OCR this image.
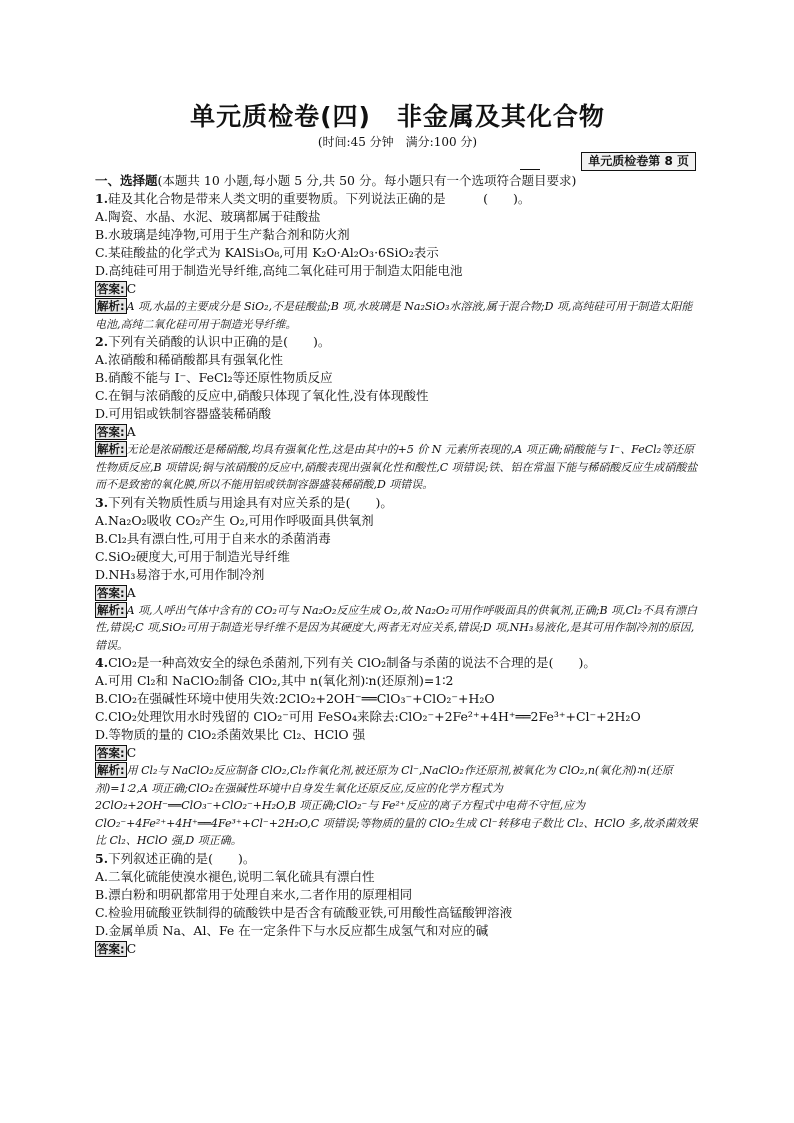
单元质检卷(四)　非金属及其化合物

(时间:45 分钟　满分:100 分)

单元质检卷第 8 页

一、选择题(本题共 10 小题,每小题 5 分,共 50 分。每小题只有一个选项符合题目要求)

1.硅及其化合物是带来人类文明的重要物质。下列说法正确的是　　　(　　)。

A.陶瓷、水晶、水泥、玻璃都属于硅酸盐

B.水玻璃是纯净物,可用于生产黏合剂和防火剂

C.某硅酸盐的化学式为 KAlSi₃O₈,可用 K₂O·Al₂O₃·6SiO₂表示

D.高纯硅可用于制造光导纤维,高纯二氧化硅可用于制造太阳能电池

答案: C

解析: A 项,水晶的主要成分是 SiO₂,不是硅酸盐;B 项,水玻璃是 Na₂SiO₃水溶液,属于混合物;D 项,高纯硅可用于制造太阳能电池,高纯二氧化硅可用于制造光导纤维。

2.下列有关硝酸的认识中正确的是(　　)。

A.浓硝酸和稀硝酸都具有强氧化性

B.硝酸不能与 I⁻、FeCl₂等还原性物质反应

C.在铜与浓硝酸的反应中,硝酸只体现了氧化性,没有体现酸性

D.可用铝或铁制容器盛装稀硝酸

答案: A

解析: 无论是浓硝酸还是稀硝酸,均具有强氧化性,这是由其中的+5 价 N 元素所表现的,A 项正确;硝酸能与 I⁻、FeCl₂等还原性物质反应,B 项错误;铜与浓硝酸的反应中,硝酸表现出强氧化性和酸性,C 项错误;铁、铝在常温下能与稀硝酸反应生成硝酸盐而不是致密的氧化膜,所以不能用铝或铁制容器盛装稀硝酸,D 项错误。

3.下列有关物质性质与用途具有对应关系的是(　　)。

A.Na₂O₂吸收 CO₂产生 O₂,可用作呼吸面具供氧剂

B.Cl₂具有漂白性,可用于自来水的杀菌消毒

C.SiO₂硬度大,可用于制造光导纤维

D.NH₃易溶于水,可用作制冷剂

答案: A

解析: A 项,人呼出气体中含有的 CO₂可与 Na₂O₂反应生成 O₂,故 Na₂O₂可用作呼吸面具的供氧剂,正确;B 项,Cl₂不具有漂白性,错误;C 项,SiO₂可用于制造光导纤维不是因为其硬度大,两者无对应关系,错误;D 项,NH₃易液化,是其可用作制冷剂的原因,错误。

4.ClO₂是一种高效安全的绿色杀菌剂,下列有关 ClO₂制备与杀菌的说法不合理的是(　　)。

A.可用 Cl₂和 NaClO₂制备 ClO₂,其中 n(氧化剂)∶n(还原剂)=1∶2

B.ClO₂在强碱性环境中使用失效:2ClO₂+2OH⁻══ClO₃⁻+ClO₂⁻+H₂O

C.ClO₂处理饮用水时残留的 ClO₂⁻可用 FeSO₄来除去:ClO₂⁻+2Fe²⁺+4H⁺══2Fe³⁺+Cl⁻+2H₂O

D.等物质的量的 ClO₂杀菌效果比 Cl₂、HClO 强

答案: C

解析: 用 Cl₂与 NaClO₂反应制备 ClO₂,Cl₂作氧化剂,被还原为 Cl⁻,NaClO₂作还原剂,被氧化为 ClO₂,n(氧化剂)∶n(还原剂)=1∶2,A 项正确;ClO₂在强碱性环境中自身发生氧化还原反应,反应的化学方程式为 2ClO₂+2OH⁻══ClO₃⁻+ClO₂⁻+H₂O,B 项正确;ClO₂⁻与 Fe²⁺反应的离子方程式中电荷不守恒,应为 ClO₂⁻+4Fe²⁺+4H⁺══4Fe³⁺+Cl⁻+2H₂O,C 项错误;等物质的量的 ClO₂生成 Cl⁻转移电子数比 Cl₂、HClO 多,故杀菌效果比 Cl₂、HClO 强,D 项正确。

5.下列叙述正确的是(　　)。

A.二氧化硫能使溴水褪色,说明二氧化硫具有漂白性

B.漂白粉和明矾都常用于处理自来水,二者作用的原理相同

C.检验用硫酸亚铁制得的硫酸铁中是否含有硫酸亚铁,可用酸性高锰酸钾溶液

D.金属单质 Na、Al、Fe 在一定条件下与水反应都生成氢气和对应的碱

答案: C
